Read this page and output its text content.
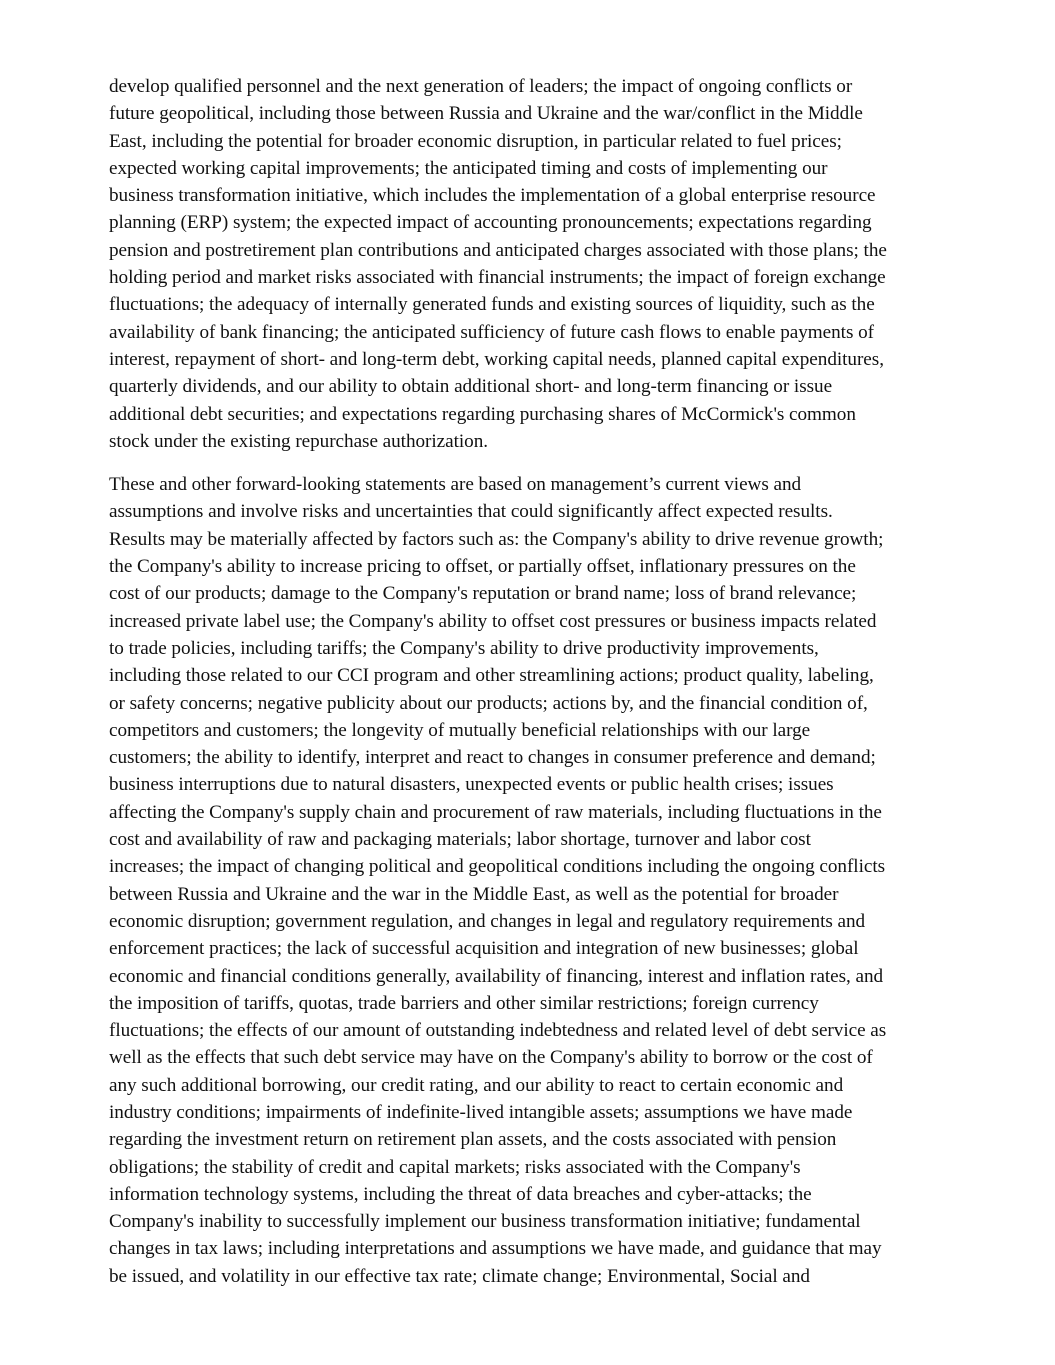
develop qualified personnel and the next generation of leaders; the impact of ongoing conflicts or
future geopolitical, including those between Russia and Ukraine and the war/conflict in the Middle
East, including the potential for broader economic disruption, in particular related to fuel prices;
expected working capital improvements; the anticipated timing and costs of implementing our
business transformation initiative, which includes the implementation of a global enterprise resource
planning (ERP) system; the expected impact of accounting pronouncements; expectations regarding
pension and postretirement plan contributions and anticipated charges associated with those plans; the
holding period and market risks associated with financial instruments; the impact of foreign exchange
fluctuations; the adequacy of internally generated funds and existing sources of liquidity, such as the
availability of bank financing; the anticipated sufficiency of future cash flows to enable payments of
interest, repayment of short- and long-term debt, working capital needs, planned capital expenditures,
quarterly dividends, and our ability to obtain additional short- and long-term financing or issue
additional debt securities; and expectations regarding purchasing shares of McCormick's common
stock under the existing repurchase authorization.

These and other forward-looking statements are based on management’s current views and
assumptions and involve risks and uncertainties that could significantly affect expected results.
Results may be materially affected by factors such as: the Company's ability to drive revenue growth;
the Company's ability to increase pricing to offset, or partially offset, inflationary pressures on the
cost of our products; damage to the Company's reputation or brand name; loss of brand relevance;
increased private label use; the Company's ability to offset cost pressures or business impacts related
to trade policies, including tariffs; the Company's ability to drive productivity improvements,
including those related to our CCI program and other streamlining actions; product quality, labeling,
or safety concerns; negative publicity about our products; actions by, and the financial condition of,
competitors and customers; the longevity of mutually beneficial relationships with our large
customers; the ability to identify, interpret and react to changes in consumer preference and demand;
business interruptions due to natural disasters, unexpected events or public health crises; issues
affecting the Company's supply chain and procurement of raw materials, including fluctuations in the
cost and availability of raw and packaging materials; labor shortage, turnover and labor cost
increases; the impact of changing political and geopolitical conditions including the ongoing conflicts
between Russia and Ukraine and the war in the Middle East, as well as the potential for broader
economic disruption; government regulation, and changes in legal and regulatory requirements and
enforcement practices; the lack of successful acquisition and integration of new businesses; global
economic and financial conditions generally, availability of financing, interest and inflation rates, and
the imposition of tariffs, quotas, trade barriers and other similar restrictions; foreign currency
fluctuations; the effects of our amount of outstanding indebtedness and related level of debt service as
well as the effects that such debt service may have on the Company's ability to borrow or the cost of
any such additional borrowing, our credit rating, and our ability to react to certain economic and
industry conditions; impairments of indefinite-lived intangible assets; assumptions we have made
regarding the investment return on retirement plan assets, and the costs associated with pension
obligations; the stability of credit and capital markets; risks associated with the Company's
information technology systems, including the threat of data breaches and cyber-attacks; the
Company's inability to successfully implement our business transformation initiative; fundamental
changes in tax laws; including interpretations and assumptions we have made, and guidance that may
be issued, and volatility in our effective tax rate; climate change; Environmental, Social and
